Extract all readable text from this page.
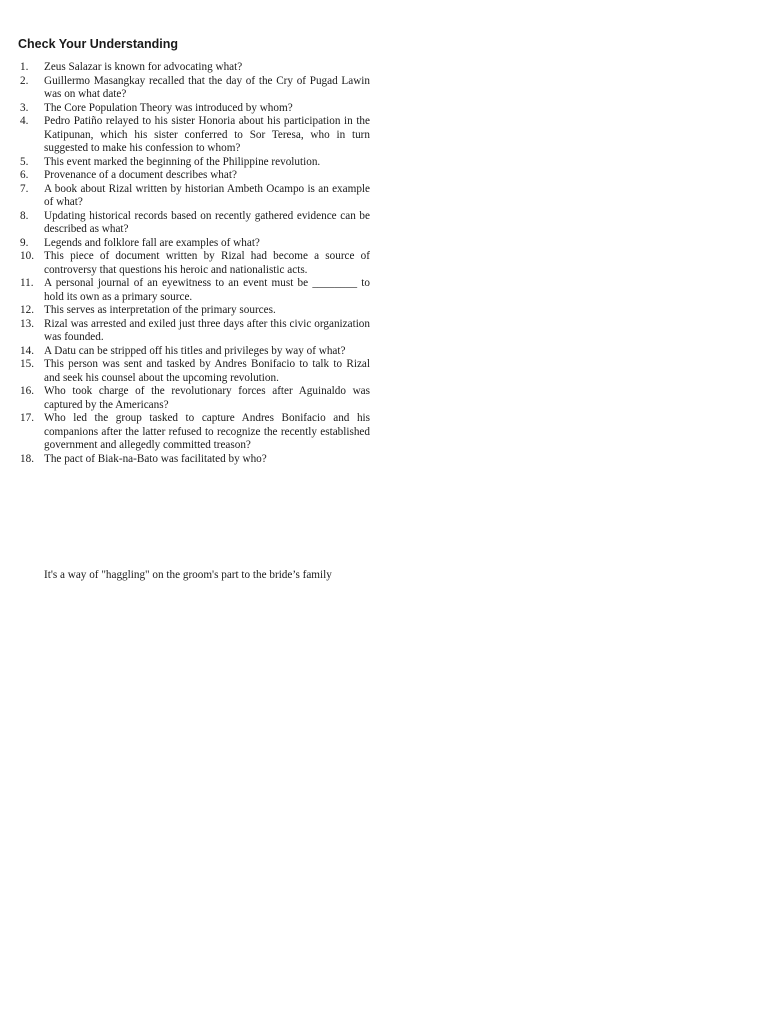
Check Your Understanding
1.	Zeus Salazar is known for advocating what?
2.	Guillermo Masangkay recalled that the day of the Cry of Pugad Lawin was on what date?
3.	The Core Population Theory was introduced by whom?
4.	Pedro Patiño relayed to his sister Honoria about his participation in the Katipunan, which his sister conferred to Sor Teresa, who in turn suggested to make his confession to whom?
5.	This event marked the beginning of the Philippine revolution.
6.	Provenance of a document describes what?
7.	A book about Rizal written by historian Ambeth Ocampo is an example of what?
8.	Updating historical records based on recently gathered evidence can be described as what?
9.	Legends and folklore fall are examples of what?
10. This piece of document written by Rizal had become a source of controversy that questions his heroic and nationalistic acts.
11. A personal journal of an eyewitness to an event must be ________ to hold its own as a primary source.
12. This serves as interpretation of the primary sources.
13. Rizal was arrested and exiled just three days after this civic organization was founded.
14. A Datu can be stripped off his titles and privileges by way of what?
15. This person was sent and tasked by Andres Bonifacio to talk to Rizal and seek his counsel about the upcoming revolution.
16. Who took charge of the revolutionary forces after Aguinaldo was captured by the Americans?
17. Who led the group tasked to capture Andres Bonifacio and his companions after the latter refused to recognize the recently established government and allegedly committed treason?
18. The pact of Biak-na-Bato was facilitated by who?

It's a way of "haggling" on the groom's part to the bride’s family
